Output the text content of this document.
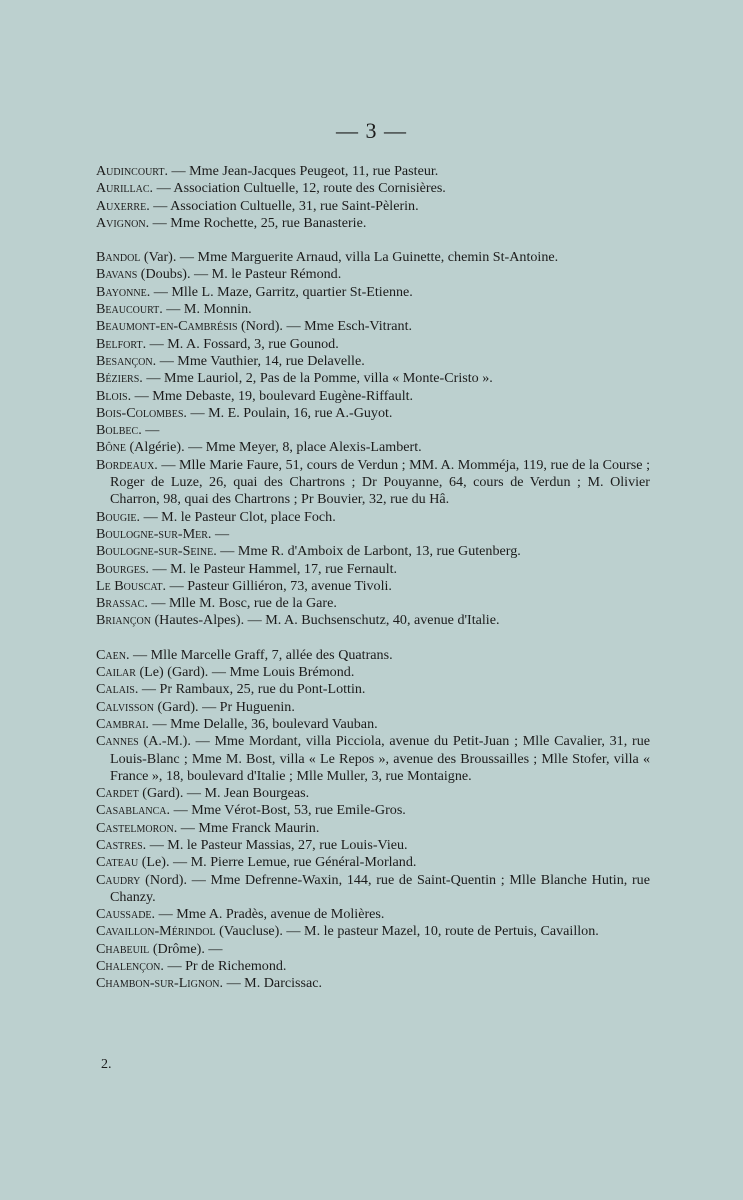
— 3 —
Audincourt. — Mme Jean-Jacques Peugeot, 11, rue Pasteur.
Aurillac. — Association Cultuelle, 12, route des Cornisières.
Auxerre. — Association Cultuelle, 31, rue Saint-Pèlerin.
Avignon. — Mme Rochette, 25, rue Banasterie.
Bandol (Var). — Mme Marguerite Arnaud, villa La Guinette, chemin St-Antoine.
Bavans (Doubs). — M. le Pasteur Rémond.
Bayonne. — Mlle L. Maze, Garritz, quartier St-Etienne.
Beaucourt. — M. Monnin.
Beaumont-en-Cambrésis (Nord). — Mme Esch-Vitrant.
Belfort. — M. A. Fossard, 3, rue Gounod.
Besançon. — Mme Vauthier, 14, rue Delavelle.
Béziers. — Mme Lauriol, 2, Pas de la Pomme, villa « Monte-Cristo ».
Blois. — Mme Debaste, 19, boulevard Eugène-Riffault.
Bois-Colombes. — M. E. Poulain, 16, rue A.-Guyot.
Bolbec. —
Bône (Algérie). — Mme Meyer, 8, place Alexis-Lambert.
Bordeaux. — Mlle Marie Faure, 51, cours de Verdun ; MM. A. Momméja, 119, rue de la Course ; Roger de Luze, 26, quai des Chartrons ; Dr Pouyanne, 64, cours de Verdun ; M. Olivier Charron, 98, quai des Chartrons ; Pr Bouvier, 32, rue du Hâ.
Bougie. — M. le Pasteur Clot, place Foch.
Boulogne-sur-Mer. —
Boulogne-sur-Seine. — Mme R. d'Amboix de Larbont, 13, rue Gutenberg.
Bourges. — M. le Pasteur Hammel, 17, rue Fernault.
Le Bouscat. — Pasteur Gilliéron, 73, avenue Tivoli.
Brassac. — Mlle M. Bosc, rue de la Gare.
Briançon (Hautes-Alpes). — M. A. Buchsenschutz, 40, avenue d'Italie.
Caen. — Mlle Marcelle Graff, 7, allée des Quatrans.
Cailar (Le) (Gard). — Mme Louis Brémond.
Calais. — Pr Rambaux, 25, rue du Pont-Lottin.
Calvisson (Gard). — Pr Huguenin.
Cambrai. — Mme Delalle, 36, boulevard Vauban.
Cannes (A.-M.). — Mme Mordant, villa Picciola, avenue du Petit-Juan ; Mlle Cavalier, 31, rue Louis-Blanc ; Mme M. Bost, villa « Le Repos », avenue des Broussailles ; Mlle Stofer, villa « France », 18, boulevard d'Italie ; Mlle Muller, 3, rue Montaigne.
Cardet (Gard). — M. Jean Bourgeas.
Casablanca. — Mme Vérot-Bost, 53, rue Emile-Gros.
Castelmoron. — Mme Franck Maurin.
Castres. — M. le Pasteur Massias, 27, rue Louis-Vieu.
Cateau (Le). — M. Pierre Lemue, rue Général-Morland.
Caudry (Nord). — Mme Defrenne-Waxin, 144, rue de Saint-Quentin ; Mlle Blanche Hutin, rue Chanzy.
Caussade. — Mme A. Pradès, avenue de Molières.
Cavaillon-Mérindol (Vaucluse). — M. le pasteur Mazel, 10, route de Pertuis, Cavaillon.
Chabeuil (Drôme). —
Chalençon. — Pr de Richemond.
Chambon-sur-Lignon. — M. Darcissac.
2.
